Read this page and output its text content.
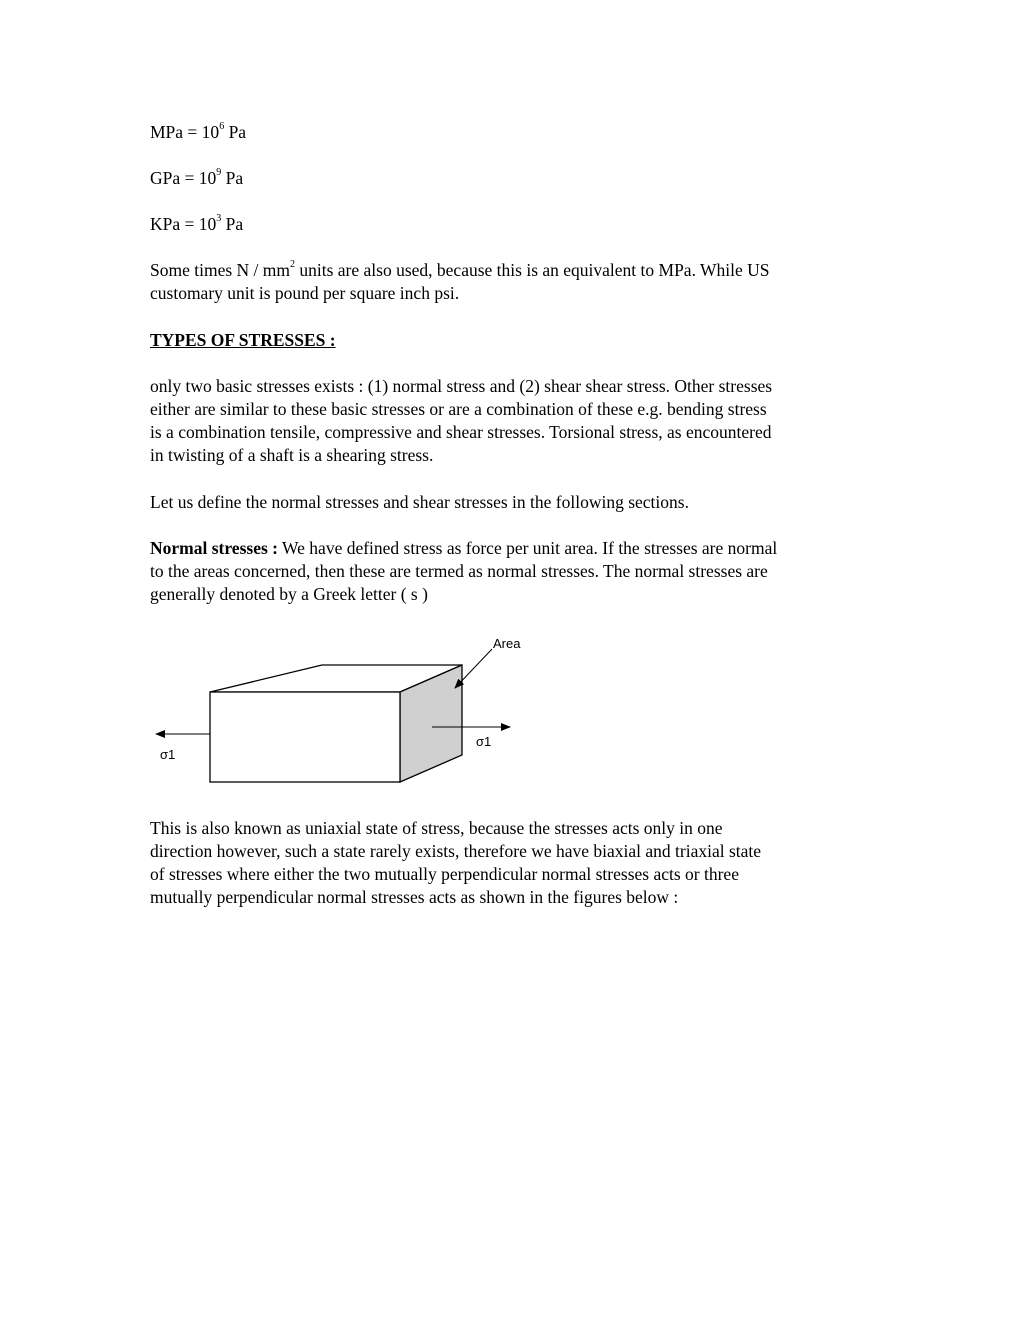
MPa = $10^6$ Pa
GPa = $10^9$ Pa
KPa = $10^3$ Pa
Some times N / $mm^2$ units are also used, because this is an equivalent to MPa. While US
customary unit is pound per square inch psi.
TYPES OF STRESSES :
only two basic stresses exists : (1) normal stress and (2) shear shear stress. Other stresses
either are similar to these basic stresses or are a combination of these e.g. bending stress
is a combination tensile, compressive and shear stresses. Torsional stress, as encountered
in twisting of a shaft is a shearing stress.
Let us define the normal stresses and shear stresses in the following sections.
Normal stresses : We have defined stress as force per unit area. If the stresses are normal
to the areas concerned, then these are termed as normal stresses. The normal stresses are
generally denoted by a Greek letter ( s )
Area
σ1
σ1
This is also known as uniaxial state of stress, because the stresses acts only in one
direction however, such a state rarely exists, therefore we have biaxial and triaxial state
of stresses where either the two mutually perpendicular normal stresses acts or three
mutually perpendicular normal stresses acts as shown in the figures below :
